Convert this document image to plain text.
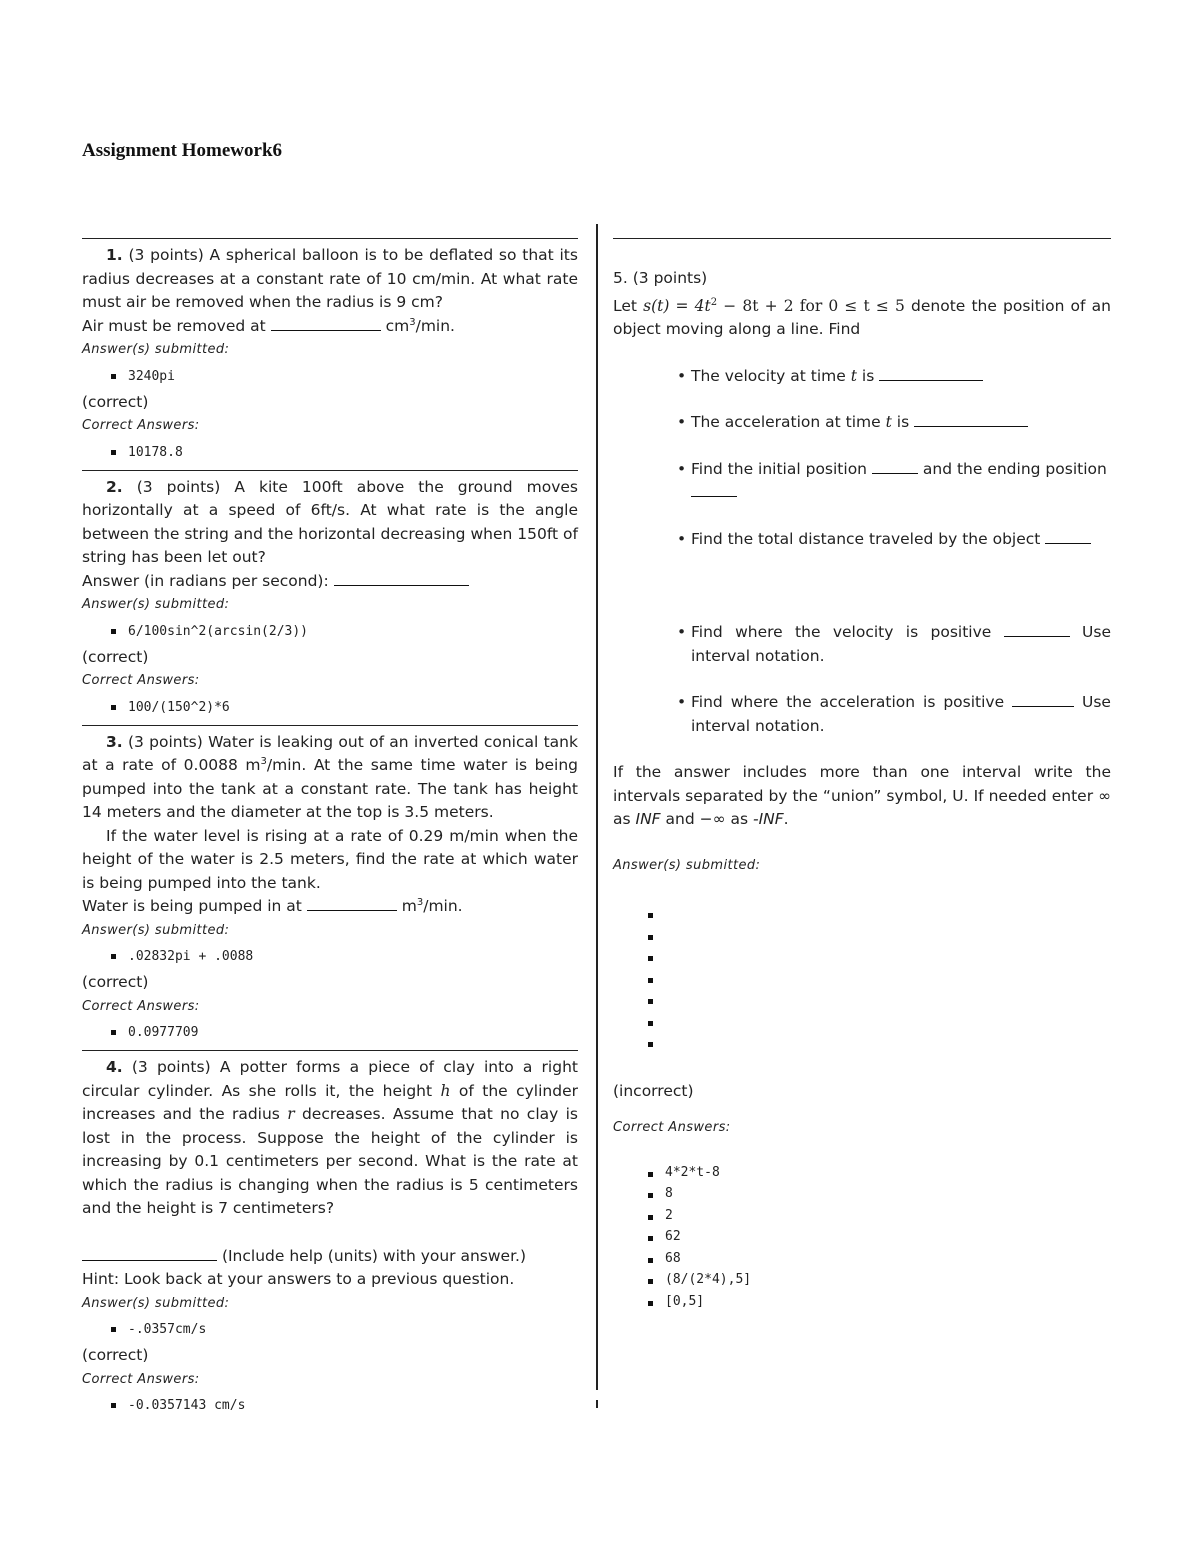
Assignment Homework6

1. (3 points) A spherical balloon is to be deflated so that its radius decreases at a constant rate of 10 cm/min. At what rate must air be removed when the radius is 9 cm?

Air must be removed at	$cm^3/\min$.

Answer(s) submitted:

3240pi

(correct)

Correct Answers:

10178.8

2. (3 points) A kite 100ft above the ground moves horizontally at a speed of 6ft/s. At what rate is the angle between the string and the horizontal decreasing when 150ft of string has been let out?

Answer (in radians per second):

Answer(s) submitted:

6/100sin^2(arcsin(2/3))

(correct)

Correct Answers:

100/(150^2)*6

3. (3 points) Water is leaking out of an inverted conical tank at a rate of 0.0088 $m^3/\min$. At the same time water is being pumped into the tank at a constant rate. The tank has height 14 meters and the diameter at the top is 3.5 meters.

If the water level is rising at a rate of 0.29 m/min when the height of the water is 2.5 meters, find the rate at which water is being pumped into the tank.

Water is being pumped in at	$m^3/\min$.

Answer(s) submitted:

.02832pi + .0088

(correct)

Correct Answers:

0.0977709

4. (3 points) A potter forms a piece of clay into a right circular cylinder. As she rolls it, the height h of the cylinder increases and the radius r decreases. Assume that no clay is lost in the process. Suppose the height of the cylinder is increasing by 0.1 centimeters per second. What is the rate at which the radius is changing when the radius is 5 centimeters and the height is 7 centimeters?

(Include help (units) with your answer.)

Hint: Look back at your answers to a previous question.

Answer(s) submitted:

-.0357cm/s

(correct)

Correct Answers:

-0.0357143 cm/s

5. (3 points)

Let $s(t) = 4t^2 - 8t + 2$ for 0 ≤ t ≤ 5 denote the position of an object moving along a line. Find

• The velocity at time t is
• The acceleration at time t is
• Find the initial position	and the ending position

• Find the total distance traveled by the object
• Find where the velocity is positive	Use interval notation.
• Find where the acceleration is positive	Use interval notation.

If the answer includes more than one interval write the intervals separated by the “union” symbol, U. If needed enter ∞ as INF and −∞ as -INF.

Answer(s) submitted:

(incorrect)

Correct Answers:

4*2*t-8
8
2
62
68
(8/(2*4),5]
[0,5]
